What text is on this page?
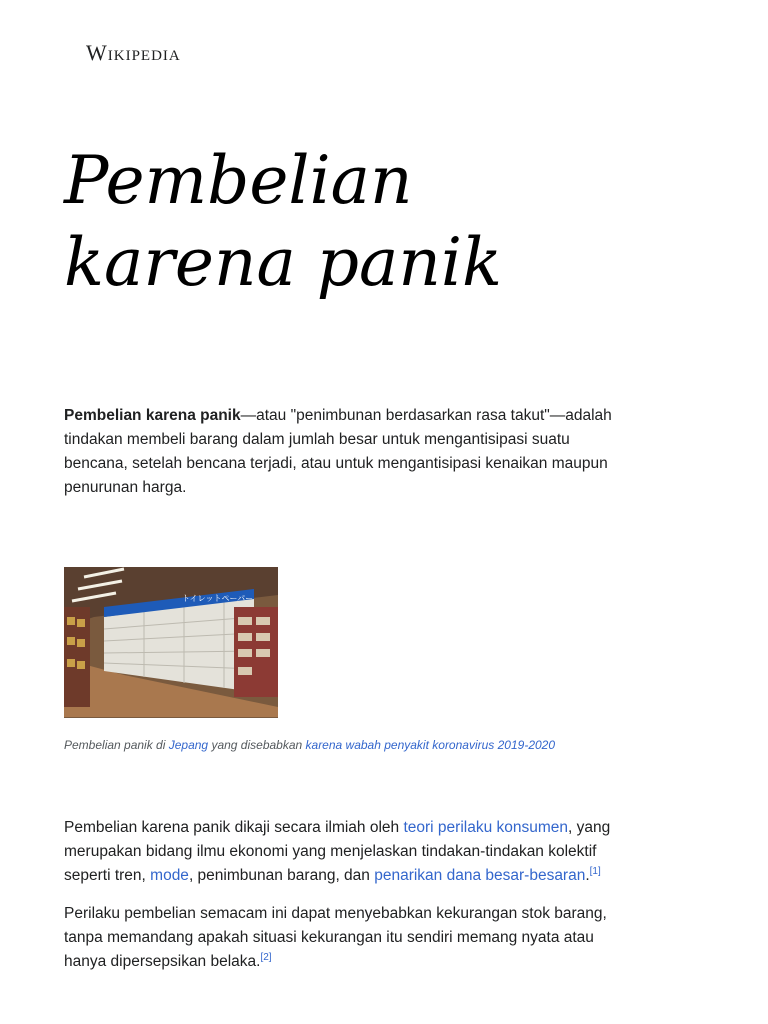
Wikipedia
Pembelian
karena panik

Pembelian karena panik—atau "penimbunan berdasarkan rasa takut"—adalah tindakan membeli barang dalam jumlah besar untuk mengantisipasi suatu bencana, setelah bencana terjadi, atau untuk mengantisipasi kenaikan maupun penurunan harga.

トイレットペーパー
Pembelian panik di Jepang yang disebabkan karena wabah penyakit koronavirus 2019-2020

Pembelian karena panik dikaji secara ilmiah oleh teori perilaku konsumen, yang merupakan bidang ilmu ekonomi yang menjelaskan tindakan-tindakan kolektif seperti tren, mode, penimbunan barang, dan penarikan dana besar-besaran.[1]

Perilaku pembelian semacam ini dapat menyebabkan kekurangan stok barang, tanpa memandang apakah situasi kekurangan itu sendiri memang nyata atau hanya dipersepsikan belaka.[2]
